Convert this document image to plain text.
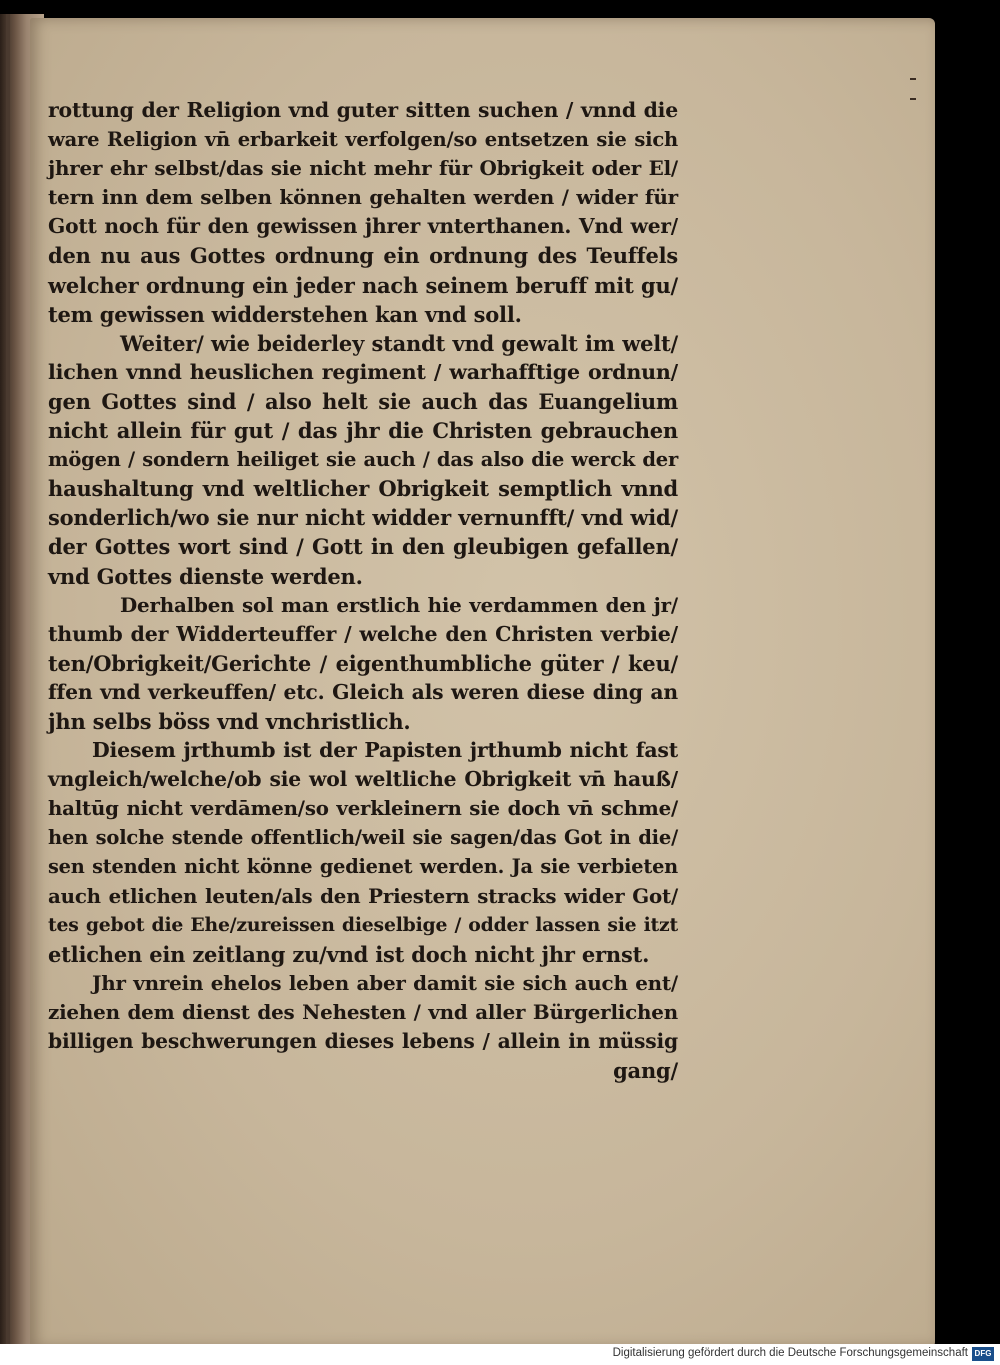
rottung der Religion vnd guter sitten suchen / vnnd die
ware Religion vn̄ erbarkeit verfolgen/so entsetzen sie sich
jhrer ehr selbst/das sie nicht mehr für Obrigkeit oder El/
tern inn dem selben können gehalten werden / wider für
Gott noch für den gewissen jhrer vnterthanen. Vnd wer/
den nu aus Gottes ordnung ein ordnung des Teuffels
welcher ordnung ein jeder nach seinem beruff mit gu/
tem gewissen widderstehen kan vnd soll.
Weiter/ wie beiderley standt vnd gewalt im welt/
lichen vnnd heuslichen regiment / warhafftige ordnun/
gen Gottes sind / also helt sie auch das Euangelium
nicht allein für gut / das jhr die Christen gebrauchen
mögen / sondern heiliget sie auch / das also die werck der
haushaltung vnd weltlicher Obrigkeit semptlich vnnd
sonderlich/wo sie nur nicht widder vernunfft/ vnd wid/
der Gottes wort sind / Gott in den gleubigen gefallen/
vnd Gottes dienste werden.
Derhalben sol man erstlich hie verdammen den jr/
thumb der Widderteuffer / welche den Christen verbie/
ten/Obrigkeit/Gerichte / eigenthumbliche güter / keu/
ffen vnd verkeuffen/ etc. Gleich als weren diese ding an
jhn selbs böss vnd vnchristlich.
Diesem jrthumb ist der Papisten jrthumb nicht fast
vngleich/welche/ob sie wol weltliche Obrigkeit vn̄ hauß/
haltūg nicht verdāmen/so verkleinern sie doch vn̄ schme/
hen solche stende offentlich/weil sie sagen/das Got in die/
sen stenden nicht könne gedienet werden. Ja sie verbieten
auch etlichen leuten/als den Priestern stracks wider Got/
tes gebot die Ehe/zureissen dieselbige / odder lassen sie itzt
etlichen ein zeitlang zu/vnd ist doch nicht jhr ernst.
Jhr vnrein ehelos leben aber damit sie sich auch ent/
ziehen dem dienst des Nehesten / vnd aller Bürgerlichen
billigen beschwerungen dieses lebens / allein in müssig
gang/
Digitalisierung gefördert durch die Deutsche Forschungsgemeinschaft DFG
